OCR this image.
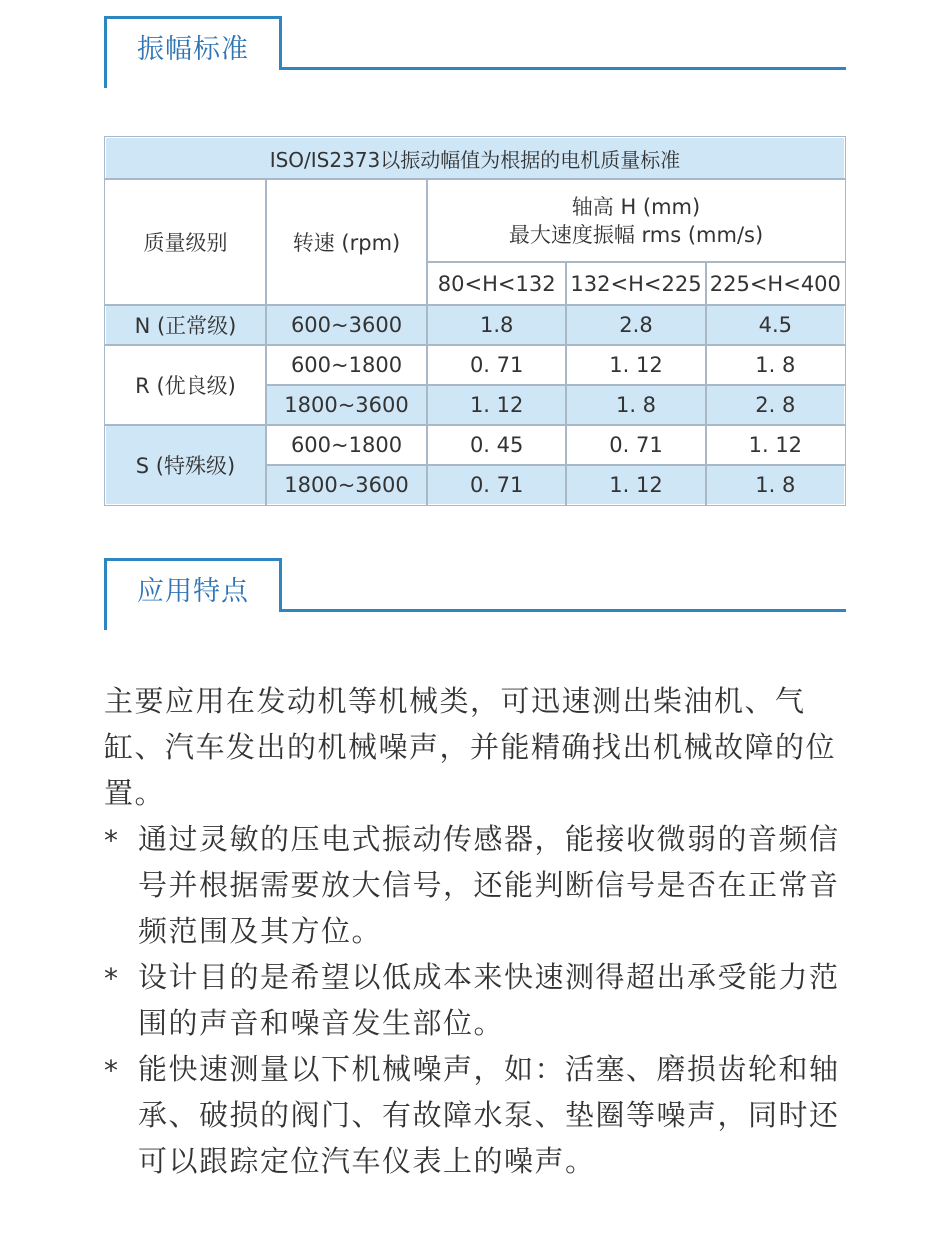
振幅标准
ISO/IS2373以振动幅值为根据的电机质量标准				
质量级别	转速 (rpm)	轴高 H (mm)
最大速度振幅 rms (mm/s)		

		80<H<132	132<H<225	225<H<400
N (正常级)	600~3600	1.8	2.8	4.5
R (优良级)	600~1800	0. 71	1. 12	1. 8
	1800~3600	1. 12	1. 8	2. 8
S (特殊级)	600~1800	0. 45	0. 71	1. 12
	1800~3600	0. 71	1. 12	1. 8
应用特点

主要应用在发动机等机械类，可迅速测出柴油机、气缸、汽车发出的机械噪声，并能精确找出机械故障的位置。

* 通过灵敏的压电式振动传感器，能接收微弱的音频信号并根据需要放大信号，还能判断信号是否在正常音频范围及其方位。

* 设计目的是希望以低成本来快速测得超出承受能力范围的声音和噪音发生部位。

* 能快速测量以下机械噪声，如：活塞、磨损齿轮和轴承、破损的阀门、有故障水泵、垫圈等噪声，同时还可以跟踪定位汽车仪表上的噪声。
